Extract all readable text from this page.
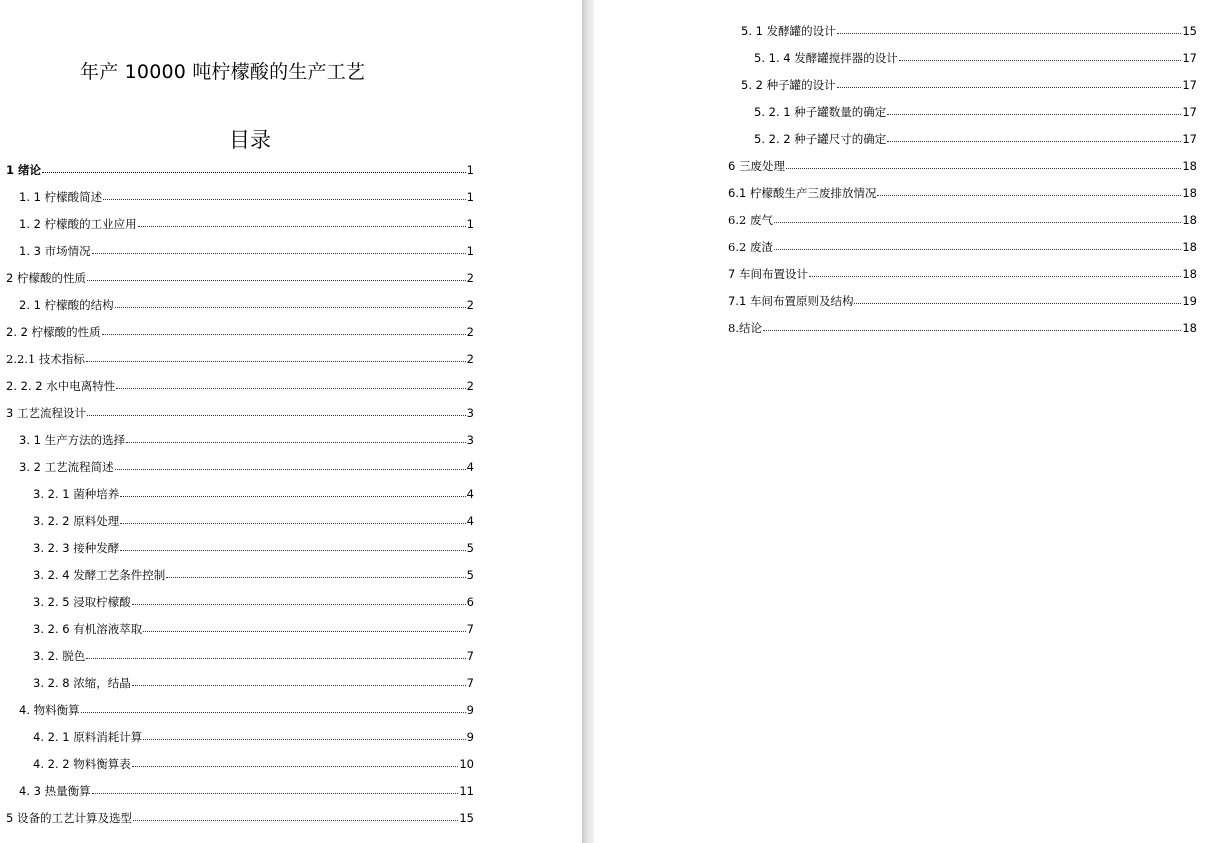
年产 10000 吨柠檬酸的生产工艺
目录
1 绪论	1
1. 1 柠檬酸简述	1
1. 2 柠檬酸的工业应用	1
1. 3 市场情况	1
2 柠檬酸的性质	2
2. 1 柠檬酸的结构	2
2. 2 柠檬酸的性质	2
2.2.1 技术指标	2
2. 2. 2 水中电离特性	2
3 工艺流程设计	3
3. 1 生产方法的选择	3
3. 2 工艺流程简述	4
3. 2. 1 菌种培养	4
3. 2. 2 原料处理	4
3. 2. 3 接种发酵	5
3. 2. 4 发酵工艺条件控制	5
3. 2. 5 浸取柠檬酸	6
3. 2. 6 有机溶液萃取	7
3. 2. 脱色	7
3. 2. 8 浓缩，结晶	7
4. 物料衡算	9
4. 2. 1 原料消耗计算	9
4. 2. 2 物料衡算表	10
4. 3 热量衡算	11
5 设备的工艺计算及选型	15
5. 1 发酵罐的设计	15
5. 1. 4 发酵罐搅拌器的设计	17
5. 2 种子罐的设计	17
5. 2. 1 种子罐数量的确定	17
5. 2. 2 种子罐尺寸的确定	17
6 三废处理	18
6.1 柠檬酸生产三废排放情况	18
6.2 废气	18
6.2 废渣	18
7 车间布置设计	18
7.1 车间布置原则及结构	19
8.结论	18
